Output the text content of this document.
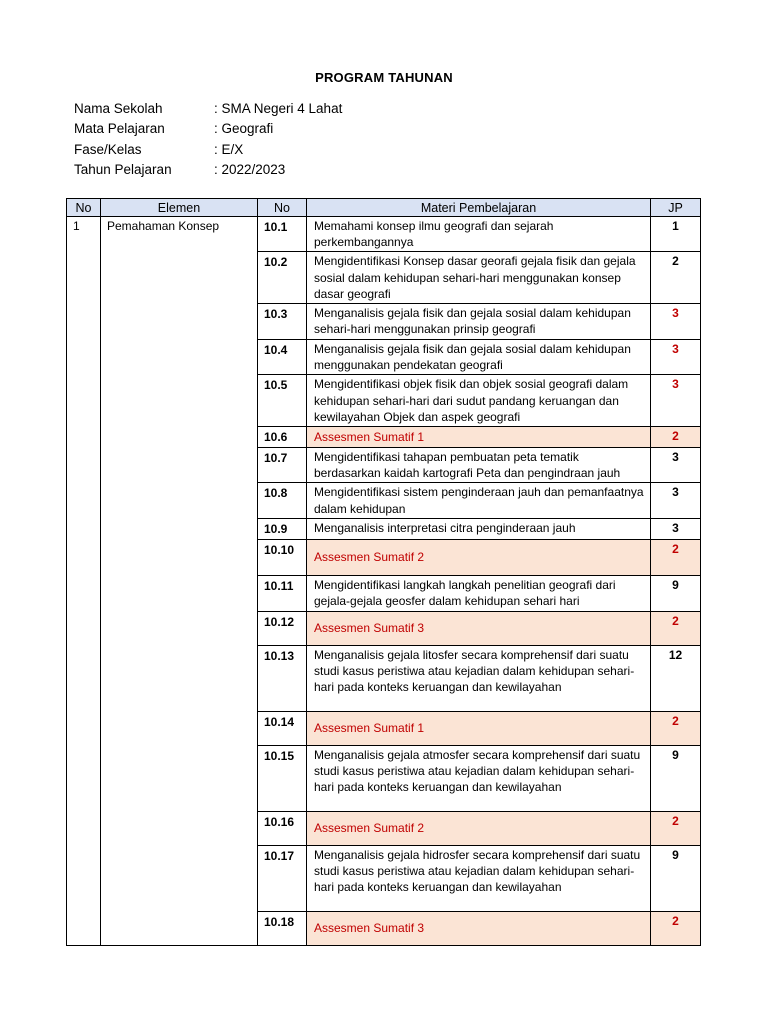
PROGRAM TAHUNAN
Nama Sekolah	: SMA Negeri 4 Lahat
Mata Pelajaran	: Geografi
Fase/Kelas	: E/X
Tahun Pelajaran	: 2022/2023
No	Elemen	No	Materi Pembelajaran	JP
1	Pemahaman Konsep	10.1	Memahami konsep ilmu geografi dan sejarah perkembangannya	1
		10.2	Mengidentifikasi Konsep dasar georafi gejala fisik dan gejala sosial dalam kehidupan sehari-hari menggunakan konsep dasar geografi	2
		10.3	Menganalisis gejala fisik dan gejala sosial dalam kehidupan sehari-hari menggunakan prinsip geografi	3
		10.4	Menganalisis gejala fisik dan gejala sosial dalam kehidupan menggunakan pendekatan geografi	3
		10.5	Mengidentifikasi objek fisik dan objek sosial geografi dalam kehidupan sehari-hari dari sudut pandang keruangan dan kewilayahan Objek dan aspek geografi	3
		10.6	Assesmen Sumatif 1	2
		10.7	Mengidentifikasi tahapan pembuatan peta tematik berdasarkan kaidah kartografi Peta dan pengindraan jauh	3
		10.8	Mengidentifikasi sistem penginderaan jauh dan pemanfaatnya dalam kehidupan	3
		10.9	Menganalisis interpretasi citra penginderaan jauh	3
		10.10	Assesmen Sumatif 2	2
		10.11	Mengidentifikasi langkah langkah penelitian geografi dari gejala-gejala geosfer dalam kehidupan sehari hari	9
		10.12	Assesmen Sumatif 3	2
		10.13	Menganalisis gejala litosfer secara komprehensif dari suatu studi kasus peristiwa atau kejadian dalam kehidupan sehari-hari pada konteks keruangan dan kewilayahan	12
		10.14	Assesmen Sumatif 1	2
		10.15	Menganalisis gejala atmosfer secara komprehensif dari suatu studi kasus peristiwa atau kejadian dalam kehidupan sehari-hari pada konteks keruangan dan kewilayahan	9
		10.16	Assesmen Sumatif 2	2
		10.17	Menganalisis gejala hidrosfer secara komprehensif dari suatu studi kasus peristiwa atau kejadian dalam kehidupan sehari-hari pada konteks keruangan dan kewilayahan	9
		10.18	Assesmen Sumatif 3	2
